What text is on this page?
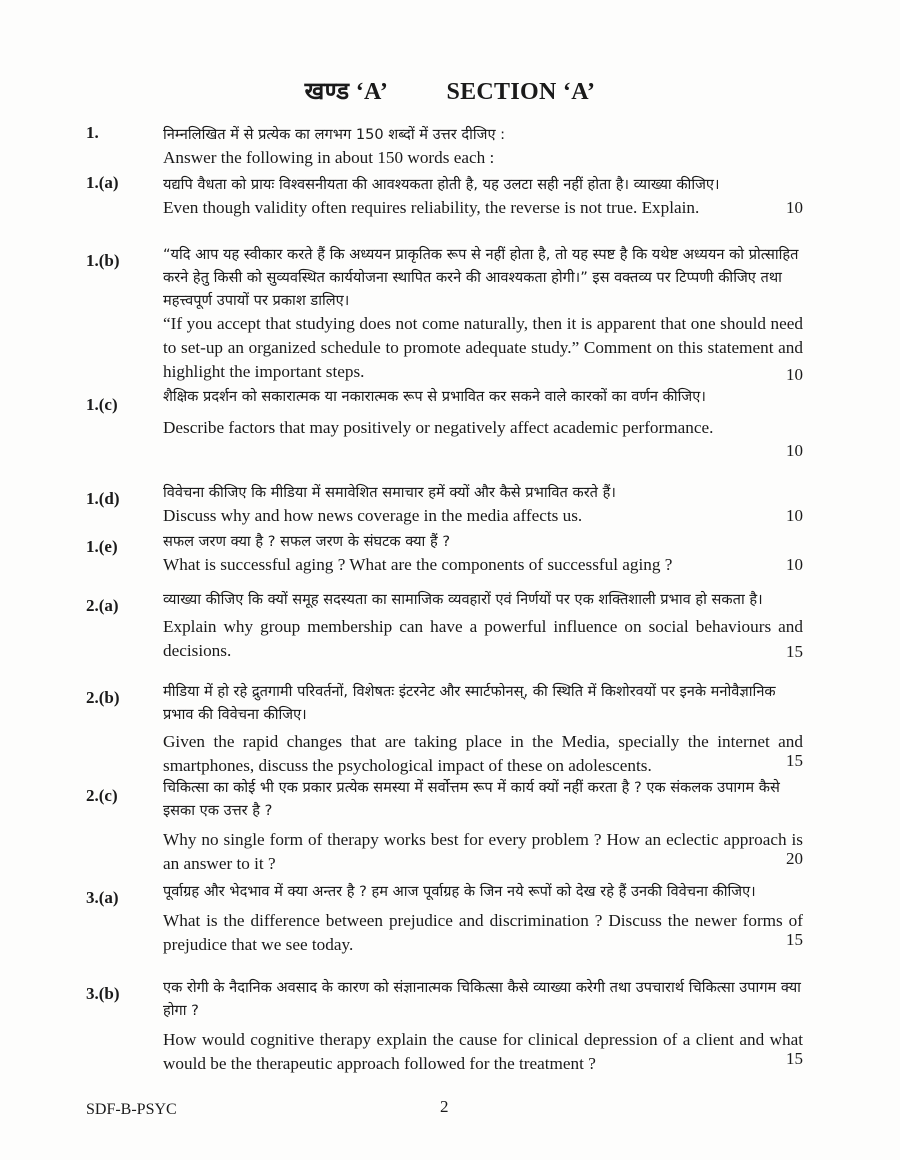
खण्ड ‘A’ SECTION ‘A’
1.	निम्नलिखित में से प्रत्येक का लगभग 150 शब्दों में उत्तर दीजिए :
Answer the following in about 150 words each :
1.(a)	यद्यपि वैधता को प्रायः विश्वसनीयता की आवश्यकता होती है, यह उलटा सही नहीं होता है। व्याख्या कीजिए।
10
Even though validity often requires reliability, the reverse is not true. Explain.
1.(b)	“यदि आप यह स्वीकार करते हैं कि अध्ययन प्राकृतिक रूप से नहीं होता है, तो यह स्पष्ट है कि यथेष्ट अध्ययन को प्रोत्साहित करने हेतु किसी को सुव्यवस्थित कार्ययोजना स्थापित करने की आवश्यकता होगी।” इस वक्तव्य पर टिप्पणी कीजिए तथा महत्त्वपूर्ण उपायों पर प्रकाश डालिए।
“If you accept that studying does not come naturally, then it is apparent that one should need to set-up an organized schedule to promote adequate study.” Comment on this statement and highlight the important steps.	10
1.(c)	शैक्षिक प्रदर्शन को सकारात्मक या नकारात्मक रूप से प्रभावित कर सकने वाले कारकों का वर्णन कीजिए।
Describe factors that may positively or negatively affect academic performance.
10
1.(d)	विवेचना कीजिए कि मीडिया में समावेशित समाचार हमें क्यों और कैसे प्रभावित करते हैं।
10
Discuss why and how news coverage in the media affects us.
1.(e)	सफल जरण क्या है ? सफल जरण के संघटक क्या हैं ?
10
What is successful aging ? What are the components of successful aging ?
2.(a)	व्याख्या कीजिए कि क्यों समूह सदस्यता का सामाजिक व्यवहारों एवं निर्णयों पर एक शक्तिशाली प्रभाव हो सकता है।
Explain why group membership can have a powerful influence on social behaviours and decisions.	15
2.(b)	मीडिया में हो रहे द्रुतगामी परिवर्तनों, विशेषतः इंटरनेट और स्मार्टफोनस्, की स्थिति में किशोरवयों पर इनके मनोवैज्ञानिक प्रभाव की विवेचना कीजिए।
Given the rapid changes that are taking place in the Media, specially the internet and smartphones, discuss the psychological impact of these on adolescents.	15
2.(c)	चिकित्सा का कोई भी एक प्रकार प्रत्येक समस्या में सर्वोत्तम रूप में कार्य क्यों नहीं करता है ? एक संकलक उपागम कैसे इसका एक उत्तर है ?
Why no single form of therapy works best for every problem ? How an eclectic approach is an answer to it ?	20
3.(a)	पूर्वाग्रह और भेदभाव में क्या अन्तर है ? हम आज पूर्वाग्रह के जिन नये रूपों को देख रहे हैं उनकी विवेचना कीजिए।
What is the difference between prejudice and discrimination ? Discuss the newer forms of prejudice that we see today.	15
3.(b)	एक रोगी के नैदानिक अवसाद के कारण को संज्ञानात्मक चिकित्सा कैसे व्याख्या करेगी तथा उपचारार्थ चिकित्सा उपागम क्या होगा ?
How would cognitive therapy explain the cause for clinical depression of a client and what would be the therapeutic approach followed for the treatment ?	15
SDF-B-PSYC	2
